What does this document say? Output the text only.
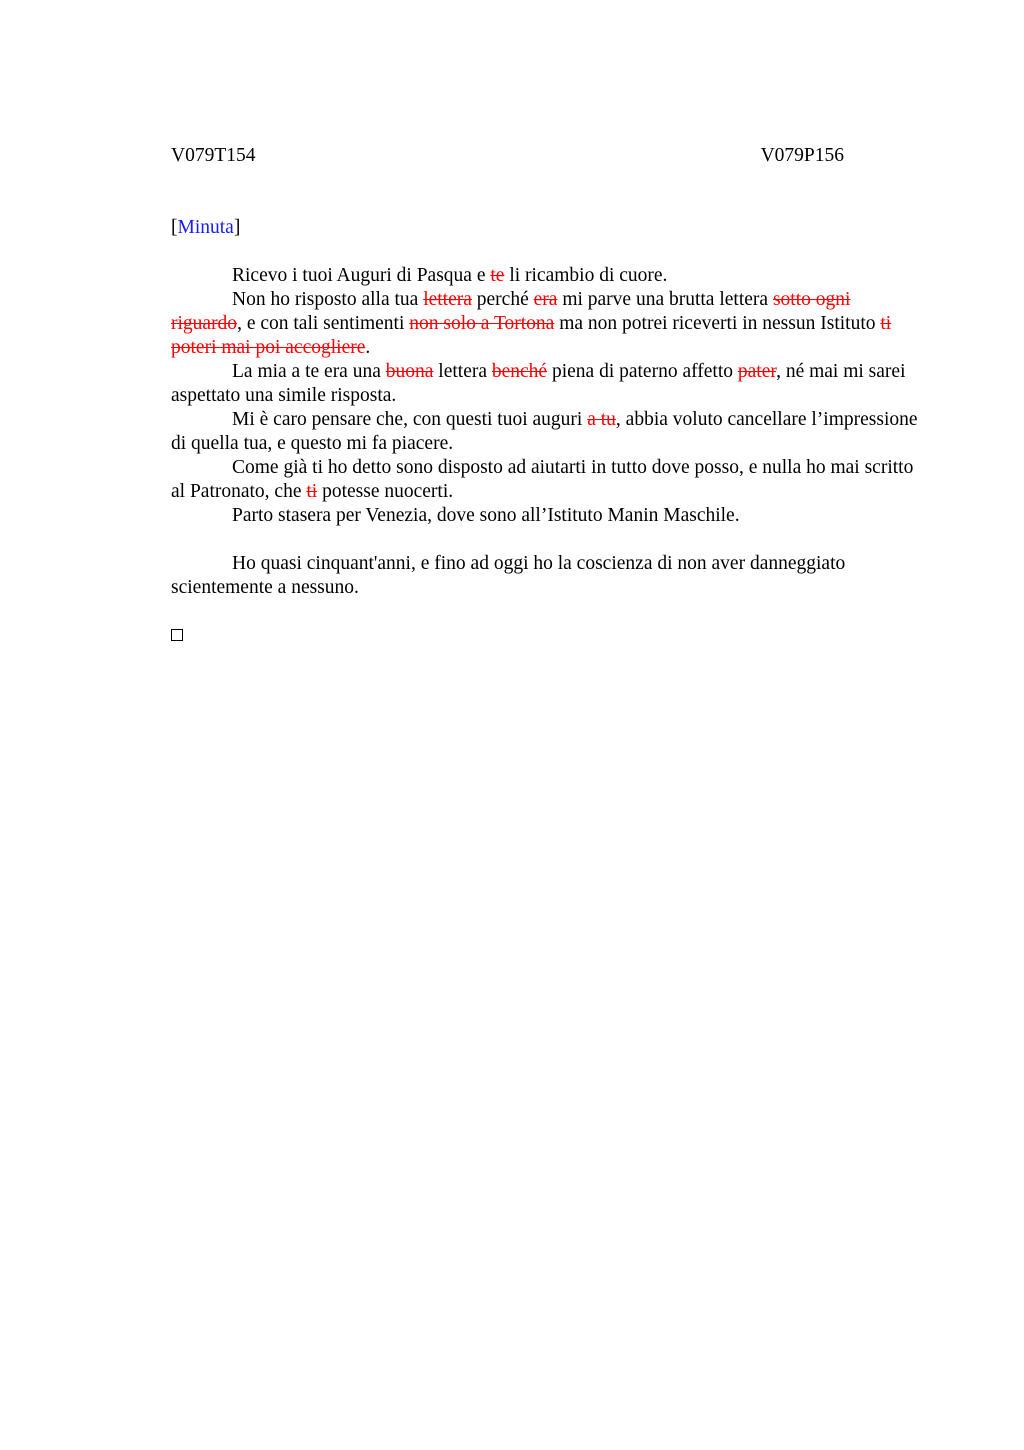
V079T154	V079P156

[Minuta]

Ricevo i tuoi Auguri di Pasqua e te li ricambio di cuore.

Non ho risposto alla tua lettera perché era mi parve una brutta lettera sotto ogni riguardo, e con tali sentimenti non solo a Tortona ma non potrei riceverti in nessun Istituto ti poteri mai poi accogliere.

La mia a te era una buona lettera benché piena di paterno affetto pater, né mai mi sarei aspettato una simile risposta.

Mi è caro pensare che, con questi tuoi auguri a tu, abbia voluto cancellare l’impressione di quella tua, e questo mi fa piacere.

Come già ti ho detto sono disposto ad aiutarti in tutto dove posso, e nulla ho mai scritto al Patronato, che ti potesse nuocerti.

Parto stasera per Venezia, dove sono all’Istituto Manin Maschile.

Ho quasi cinquant'anni, e fino ad oggi ho la coscienza di non aver danneggiato scientemente a nessuno.
